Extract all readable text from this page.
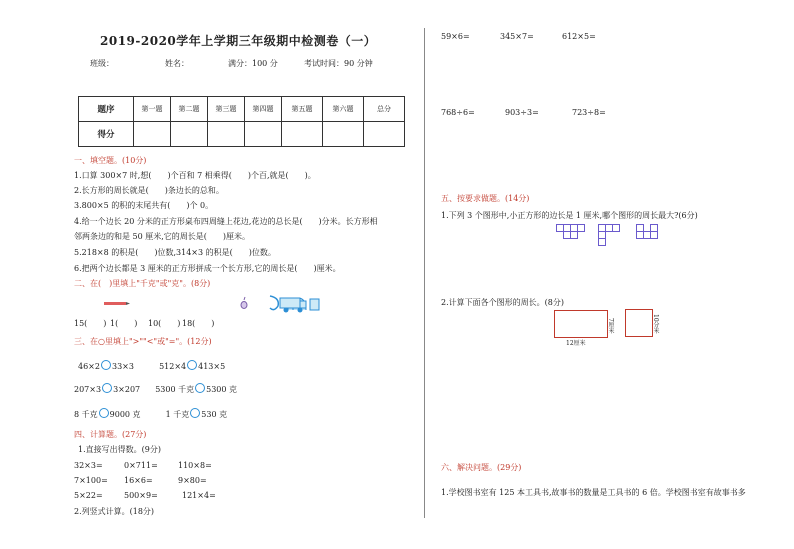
2019-2020学年上学期三年级期中检测卷（一）
班级：	姓名：	满分：100 分	考试时间：90 分钟
题序	第一题	第二题	第三题	第四题	第五题	第六题	总分
得分							
一、填空题。(10分)
1.口算 300×7 时,想(　　)个百和 7 相乘得(　　)个百,就是(　　)。
2.长方形的周长就是(　　)条边长的总和。
3.800×5 的积的末尾共有(　　)个 0。
4.给一个边长 20 分米的正方形桌布四周缝上花边,花边的总长是(　　)分米。长方形相
邻两条边的和是 50 厘米,它的周长是(　　)厘米。
5.218×8 的积是(　　)位数,314×3 的积是(　　)位数。
6.把两个边长都是 3 厘米的正方形拼成一个长方形,它的周长是(　　)厘米。
二、在(　)里填上"千克"或"克"。(8分)
15(　　) 1(　　) 10(　　) 18(　　)
三、在○里填上">""<"或"="。(12分)
46×2 33×3	512×4 413×5
207×3 3×207 5300 千克 5300 克
8 千克 9000 克	1 千克 530 克
四、计算题。(27分)
1.直接写出得数。(9分)
32×3=	0×711=	110×8=
7×100= 16×6=	9×80=
5×22=	500×9=	121×4=
2.列竖式计算。(18分)
59×6=	345×7=	612×5=
768÷6=	903÷3=	723÷8=
五、按要求做题。(14分)
1.下列 3 个图形中,小正方形的边长是 1 厘米,哪个图形的周长最大?(6分)
2.计算下面各个图形的周长。(8分)
7厘米
12厘米
10分米
六、解决问题。(29分)
1.学校图书室有 125 本工具书,故事书的数量是工具书的 6 倍。学校图书室有故事书多
